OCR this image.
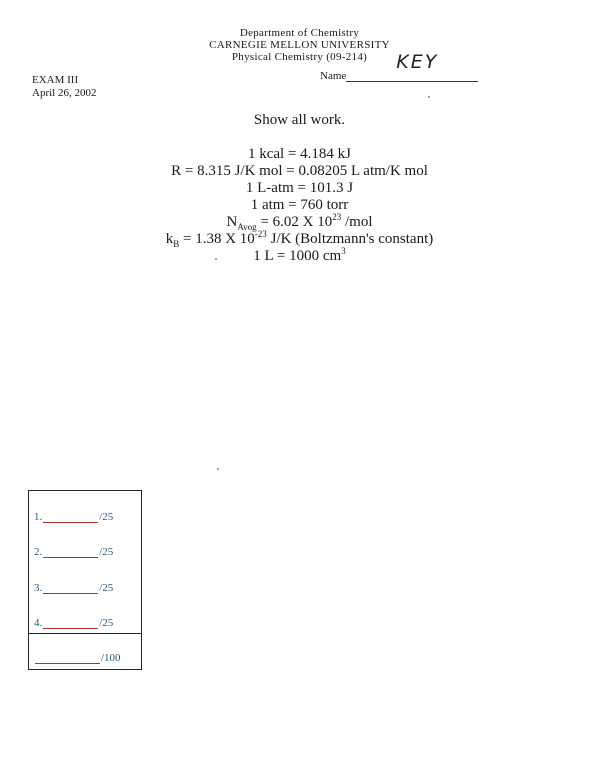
Department of Chemistry
CARNEGIE MELLON UNIVERSITY
Physical Chemistry (09-214)
EXAM III
April 26, 2002
Name
KEY
Show all work.
1 kcal = 4.184 kJ
R = 8.315 J/K mol = 0.08205 L atm/K mol
1 L-atm = 101.3 J
1 atm = 760 torr
$N_{Avog} = 6.02$ X $10^{23}$ /mol
$k_B = 1.38$ X $10^{-23}$ J/K (Boltzmann's constant)
1 L = 1000 $cm^3$
1.	/25
2.	/25
3.	/25
4.	/25
/100
